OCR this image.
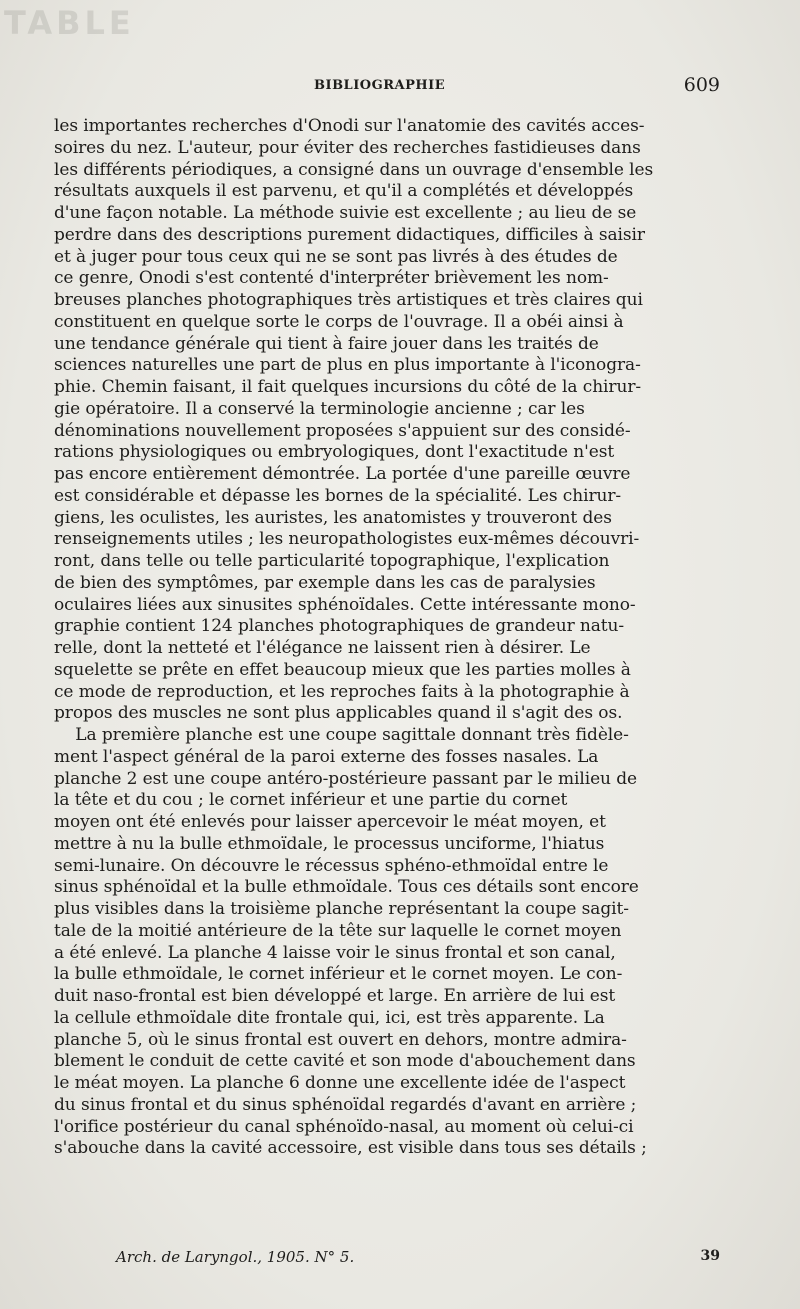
TABLE
BIBLIOGRAPHIE	609
les importantes recherches d'Onodi sur l'anatomie des cavités acces-
soires du nez. L'auteur, pour éviter des recherches fastidieuses dans
les différents périodiques, a consigné dans un ouvrage d'ensemble les
résultats auxquels il est parvenu, et qu'il a complétés et développés
d'une façon notable. La méthode suivie est excellente ; au lieu de se
perdre dans des descriptions purement didactiques, difficiles à saisir
et à juger pour tous ceux qui ne se sont pas livrés à des études de
ce genre, Onodi s'est contenté d'interpréter brièvement les nom-
breuses planches photographiques très artistiques et très claires qui
constituent en quelque sorte le corps de l'ouvrage. Il a obéi ainsi à
une tendance générale qui tient à faire jouer dans les traités de
sciences naturelles une part de plus en plus importante à l'iconogra-
phie. Chemin faisant, il fait quelques incursions du côté de la chirur-
gie opératoire. Il a conservé la terminologie ancienne ; car les
dénominations nouvellement proposées s'appuient sur des considé-
rations physiologiques ou embryologiques, dont l'exactitude n'est
pas encore entièrement démontrée. La portée d'une pareille œuvre
est considérable et dépasse les bornes de la spécialité. Les chirur-
giens, les oculistes, les auristes, les anatomistes y trouveront des
renseignements utiles ; les neuropathologistes eux-mêmes découvri-
ront, dans telle ou telle particularité topographique, l'explication
de bien des symptômes, par exemple dans les cas de paralysies
oculaires liées aux sinusites sphénoïdales. Cette intéressante mono-
graphie contient 124 planches photographiques de grandeur natu-
relle, dont la netteté et l'élégance ne laissent rien à désirer. Le
squelette se prête en effet beaucoup mieux que les parties molles à
ce mode de reproduction, et les reproches faits à la photographie à
propos des muscles ne sont plus applicables quand il s'agit des os.
La première planche est une coupe sagittale donnant très fidèle-
ment l'aspect général de la paroi externe des fosses nasales. La
planche 2 est une coupe antéro-postérieure passant par le milieu de
la tête et du cou ; le cornet inférieur et une partie du cornet
moyen ont été enlevés pour laisser apercevoir le méat moyen, et
mettre à nu la bulle ethmoïdale, le processus unciforme, l'hiatus
semi-lunaire. On découvre le récessus sphéno-ethmoïdal entre le
sinus sphénoïdal et la bulle ethmoïdale. Tous ces détails sont encore
plus visibles dans la troisième planche représentant la coupe sagit-
tale de la moitié antérieure de la tête sur laquelle le cornet moyen
a été enlevé. La planche 4 laisse voir le sinus frontal et son canal,
la bulle ethmoïdale, le cornet inférieur et le cornet moyen. Le con-
duit naso-frontal est bien développé et large. En arrière de lui est
la cellule ethmoïdale dite frontale qui, ici, est très apparente. La
planche 5, où le sinus frontal est ouvert en dehors, montre admira-
blement le conduit de cette cavité et son mode d'abouchement dans
le méat moyen. La planche 6 donne une excellente idée de l'aspect
du sinus frontal et du sinus sphénoïdal regardés d'avant en arrière ;
l'orifice postérieur du canal sphénoïdo-nasal, au moment où celui-ci
s'abouche dans la cavité accessoire, est visible dans tous ses détails ;
Arch. de Laryngol., 1905. N° 5.	39
